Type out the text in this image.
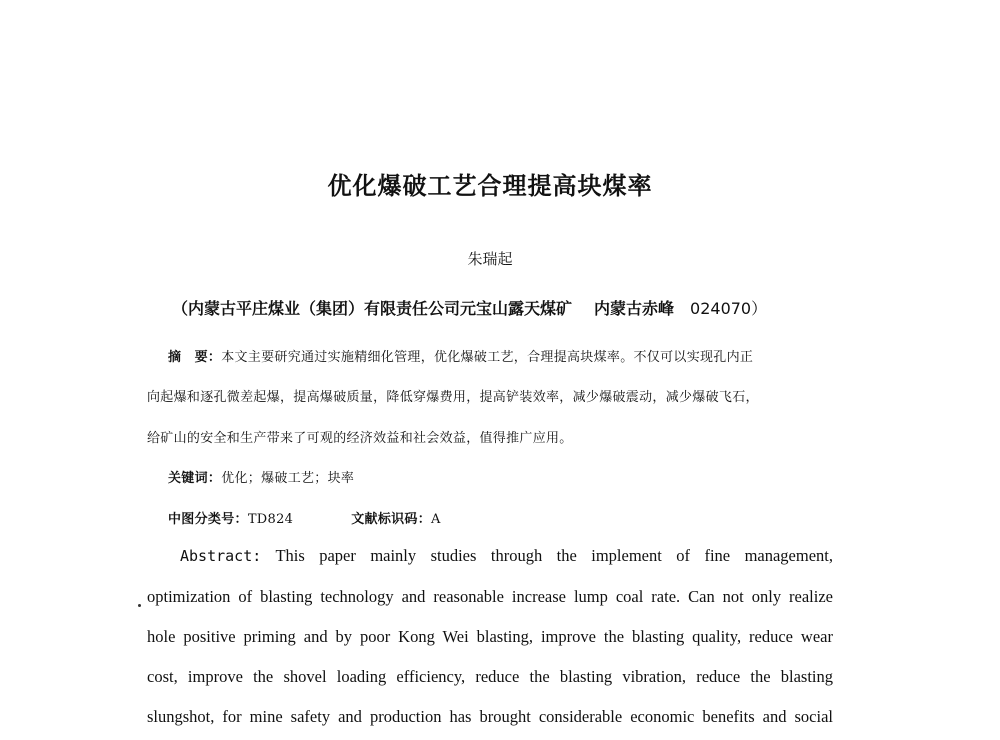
优化爆破工艺合理提高块煤率
朱瑞起
（内蒙古平庄煤业（集团）有限责任公司元宝山露天煤矿 内蒙古赤峰 024070）
摘　要：本文主要研究通过实施精细化管理，优化爆破工艺，合理提高块煤率。不仅可以实现孔内正
向起爆和逐孔微差起爆，提高爆破质量，降低穿爆费用，提高铲装效率，减少爆破震动，减少爆破飞石，
给矿山的安全和生产带来了可观的经济效益和社会效益，值得推广应用。
关键词：优化；爆破工艺；块率
中图分类号：TD824	文献标识码：A
Abstract: This paper mainly studies through the implement of fine management,
optimization of blasting technology and reasonable increase lump coal rate. Can not only realize
hole positive priming and by poor Kong Wei blasting, improve the blasting quality, reduce wear
cost, improve the shovel loading efficiency, reduce the blasting vibration, reduce the blasting
slungshot, for mine safety and production has brought considerable economic benefits and social
